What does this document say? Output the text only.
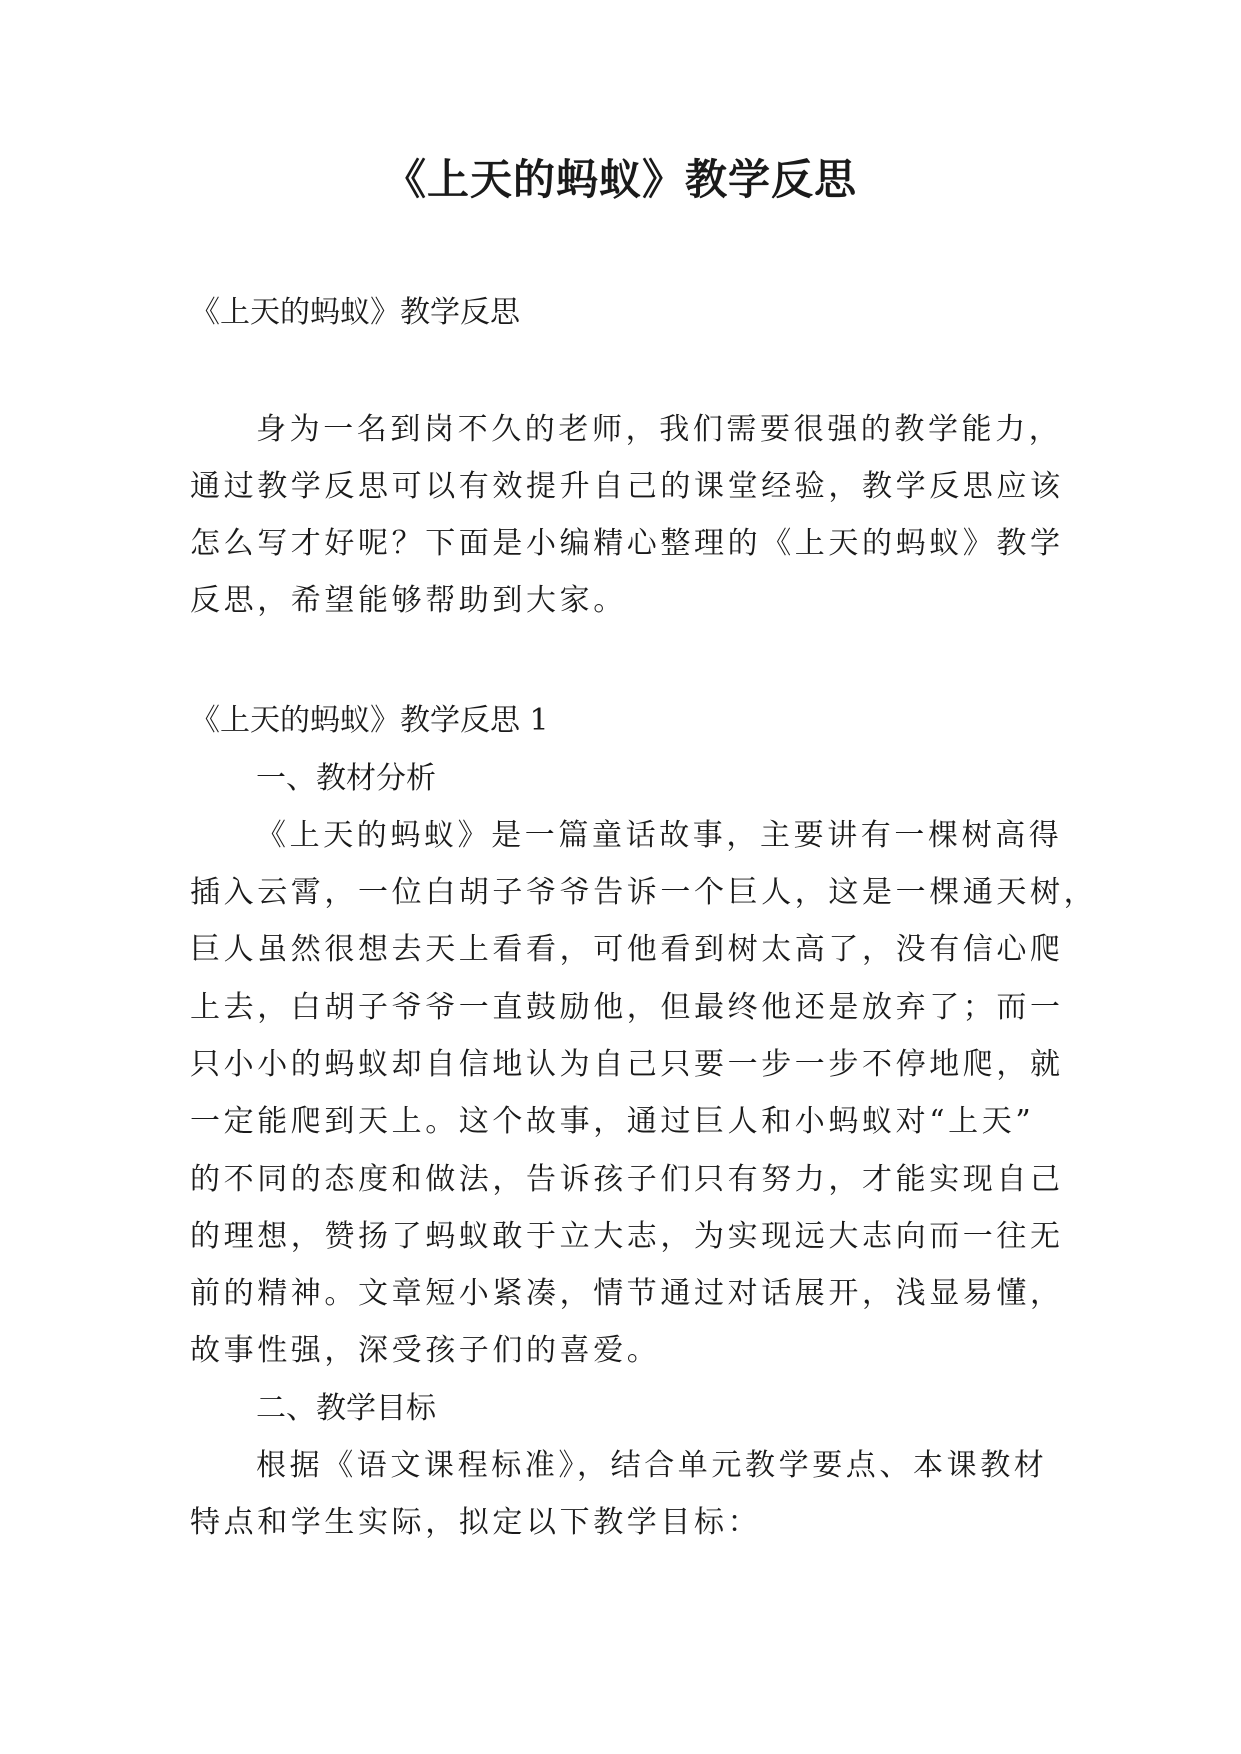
《上天的蚂蚁》教学反思

《上天的蚂蚁》教学反思

身为一名到岗不久的老师，我们需要很强的教学能力，

通过教学反思可以有效提升自己的课堂经验，教学反思应该

怎么写才好呢？下面是小编精心整理的《上天的蚂蚁》教学

反思，希望能够帮助到大家。

《上天的蚂蚁》教学反思 1

一、教材分析

《上天的蚂蚁》是一篇童话故事，主要讲有一棵树高得

插入云霄，一位白胡子爷爷告诉一个巨人，这是一棵通天树，

巨人虽然很想去天上看看，可他看到树太高了，没有信心爬

上去，白胡子爷爷一直鼓励他，但最终他还是放弃了；而一

只小小的蚂蚁却自信地认为自己只要一步一步不停地爬，就

一定能爬到天上。这个故事，通过巨人和小蚂蚁对“上天”

的不同的态度和做法，告诉孩子们只有努力，才能实现自己

的理想，赞扬了蚂蚁敢于立大志，为实现远大志向而一往无

前的精神。文章短小紧凑，情节通过对话展开，浅显易懂，

故事性强，深受孩子们的喜爱。

二、教学目标

根据《语文课程标准》，结合单元教学要点、本课教材

特点和学生实际，拟定以下教学目标：
